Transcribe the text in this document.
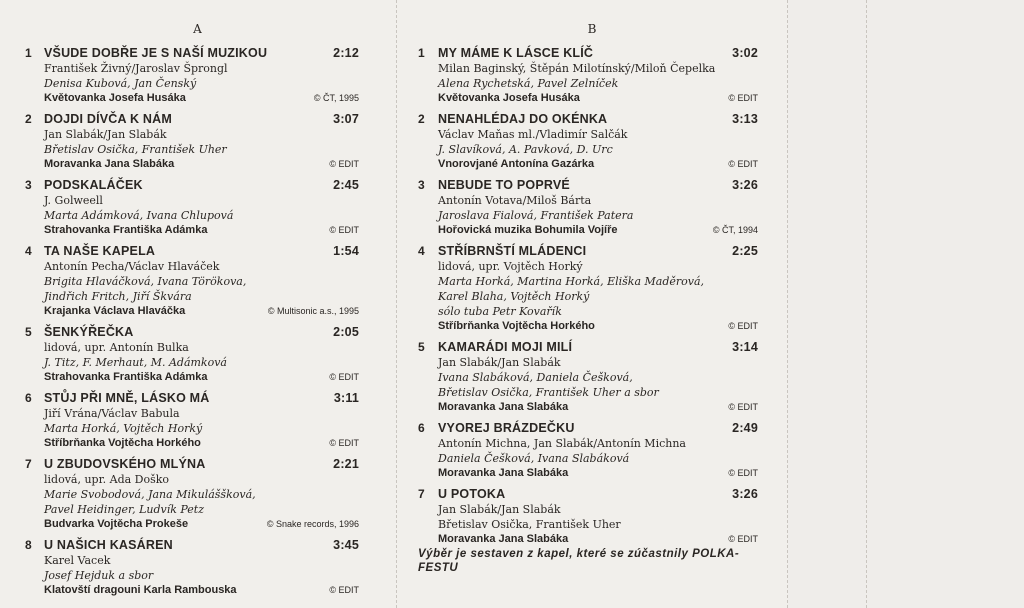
A
1 VŠUDE DOBŘE JE S NAŠÍ MUZIKOU	2:12
František Živný/Jaroslav Šprongl
Denisa Kubová, Jan Čenský
Květovanka Josefa Husáka	© ČT, 1995
2 DOJDI DÍVČA K NÁM	3:07
Jan Slabák/Jan Slabák
Břetislav Osička, František Uher
Moravanka Jana Slabáka	© EDIT
3 PODSKALÁČEK	2:45
J. Golweell
Marta Adámková, Ivana Chlupová
Strahovanka Františka Adámka	© EDIT
4 TA NAŠE KAPELA	1:54
Antonín Pecha/Václav Hlaváček
Brigita Hlaváčková, Ivana Törökova,
Jindřich Fritch, Jiří Škvára
Krajanka Václava Hlaváčka	© Multisonic a.s., 1995
5 ŠENKÝŘEČKA	2:05
lidová, upr. Antonín Bulka
J. Titz, F. Merhaut, M. Adámková
Strahovanka Františka Adámka	© EDIT
6 STŮJ PŘI MNĚ, LÁSKO MÁ	3:11
Jiří Vrána/Václav Babula
Marta Horká, Vojtěch Horký
Stříbrňanka Vojtěcha Horkého	© EDIT
7 U ZBUDOVSKÉHO MLÝNA	2:21
lidová, upr. Ada Doško
Marie Svobodová, Jana Mikuláššková,
Pavel Heidinger, Ludvík Petz
Budvarka Vojtěcha Prokeše	© Snake records, 1996
8 U NAŠICH KASÁREN	3:45
Karel Vacek
Josef Hejduk a sbor
Klatovští dragouni Karla Rambouska	© EDIT
B
1 MY MÁME K LÁSCE KLÍČ	3:02
Milan Baginský, Štěpán Milotínský/Miloň Čepelka
Alena Rychetská, Pavel Zelníček
Květovanka Josefa Husáka	© EDIT
2 NENAHLÉDAJ DO OKÉNKA	3:13
Václav Maňas ml./Vladimír Salčák
J. Slavíková, A. Pavková, D. Urc
Vnorovjané Antonína Gazárka	© EDIT
3 NEBUDE TO POPRVÉ	3:26
Antonín Votava/Miloš Bárta
Jaroslava Fialová, František Patera
Hořovická muzika Bohumila Vojíře	© ČT, 1994
4 STŘÍBRNŠTÍ MLÁDENCI	2:25
lidová, upr. Vojtěch Horký
Marta Horká, Martina Horká, Eliška Maděrová,
Karel Blaha, Vojtěch Horký
sólo tuba Petr Kovařík
Stříbrňanka Vojtěcha Horkého	© EDIT
5 KAMARÁDI MOJI MILÍ	3:14
Jan Slabák/Jan Slabák
Ivana Slabáková, Daniela Češková,
Břetislav Osička, František Uher a sbor
Moravanka Jana Slabáka	© EDIT
6 VYOREJ BRÁZDEČKU	2:49
Antonín Michna, Jan Slabák/Antonín Michna
Daniela Češková, Ivana Slabáková
Moravanka Jana Slabáka	© EDIT
7 U POTOKA	3:26
Jan Slabák/Jan Slabák
Břetislav Osička, František Uher
Moravanka Jana Slabáka	© EDIT
Výběr je sestaven z kapel, které se zúčastnily POLKA-FESTU
